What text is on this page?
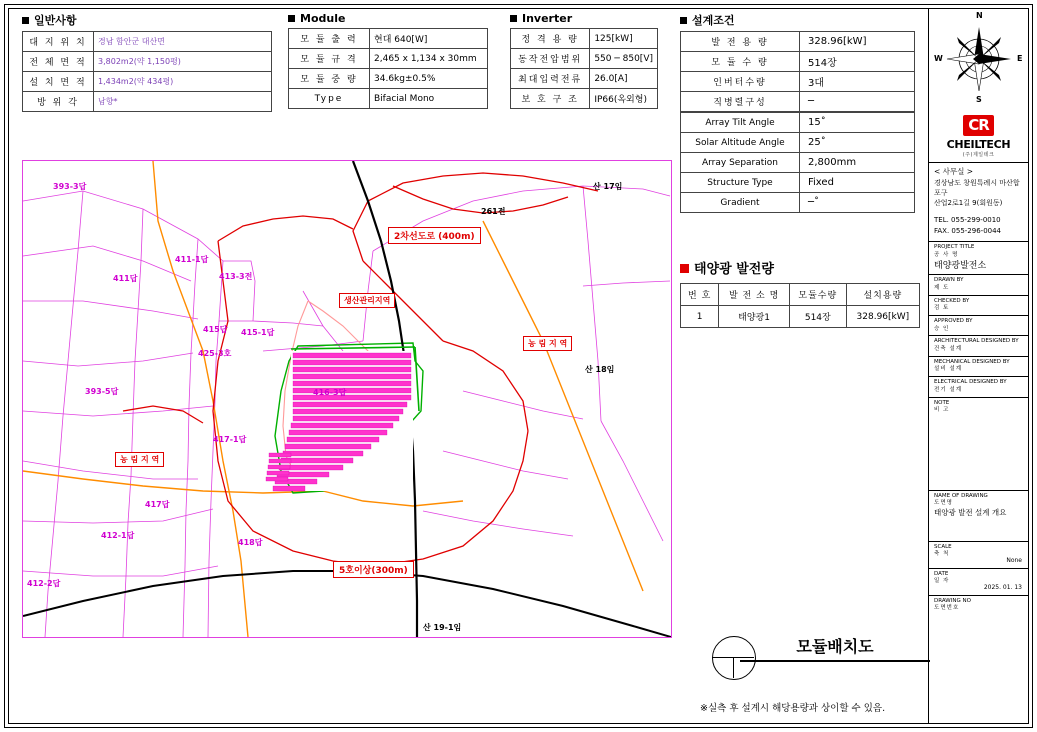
일반사항
대 지 위 치	경남 함안군 대산면
전 체 면 적	3,802m2(약 1,150평)
설 치 면 적	1,434m2(약 434평)
방 위 각	남향*
Module
모 듈 출 력	현대 640[W]
모 듈 규 격	2,465 x 1,134 x 30mm
모 듈 중 량	34.6kg±0.5%
Type	Bifacial Mono
Inverter
정 격 용 량	125[kW]
동작전압범위	550 ─ 850[V]
최대입력전류	26.0[A]
보 호 구 조	IP66(옥외형)
설계조건
발 전 용 량	328.96[kW]
모 듈 수 량	514장
인버터수량	3대
직병렬구성	─
Array Tilt Angle	15˚
Solar Altitude Angle	25˚
Array Separation	2,800mm
Structure Type	Fixed
Gradient	─˚
393-3답
411답
411-1답
413-3전
415답 415-1답
425-3호
393-5답	416-3답
417-1답
417답
418답
412-1답
412-2답
산 17임
261전
산 18임
산 19-1임
2차선도로 (400m)
5호이상(300m)
생산관리지역
농 림 지 역
농 림 지 역
태양광 발전량
번 호	발 전 소 명	모듈수량	설치용량
1	태양광1	514장	328.96[kW]
모듈배치도
※실측 후 설계시 해당용량과 상이할 수 있음.
N
S
E
W
CR
CHEILTECH
(주)제일테크
< 사무실 >
경상남도 창원특례시 마산합포구
산업2로1길 9(회원동)
TEL. 055-299-0010
FAX. 055-296-0044
PROJECT TITLE
공 사 명
태양광발전소
DRAWN BY
제 도
CHECKED BY
검 토
APPROVED BY
승 인
ARCHITECTURAL DESIGNED BY
건축 설계
MECHANICAL DESIGNED BY
설비 설계
ELECTRICAL DESIGNED BY
전기 설계
NOTE
비 고
NAME OF DRAWING
도면명
태양광 발전 설계 개요
SCALE
축 척
None
DATE
일 자
2025. 01. 13
DRAWING NO
도면번호
